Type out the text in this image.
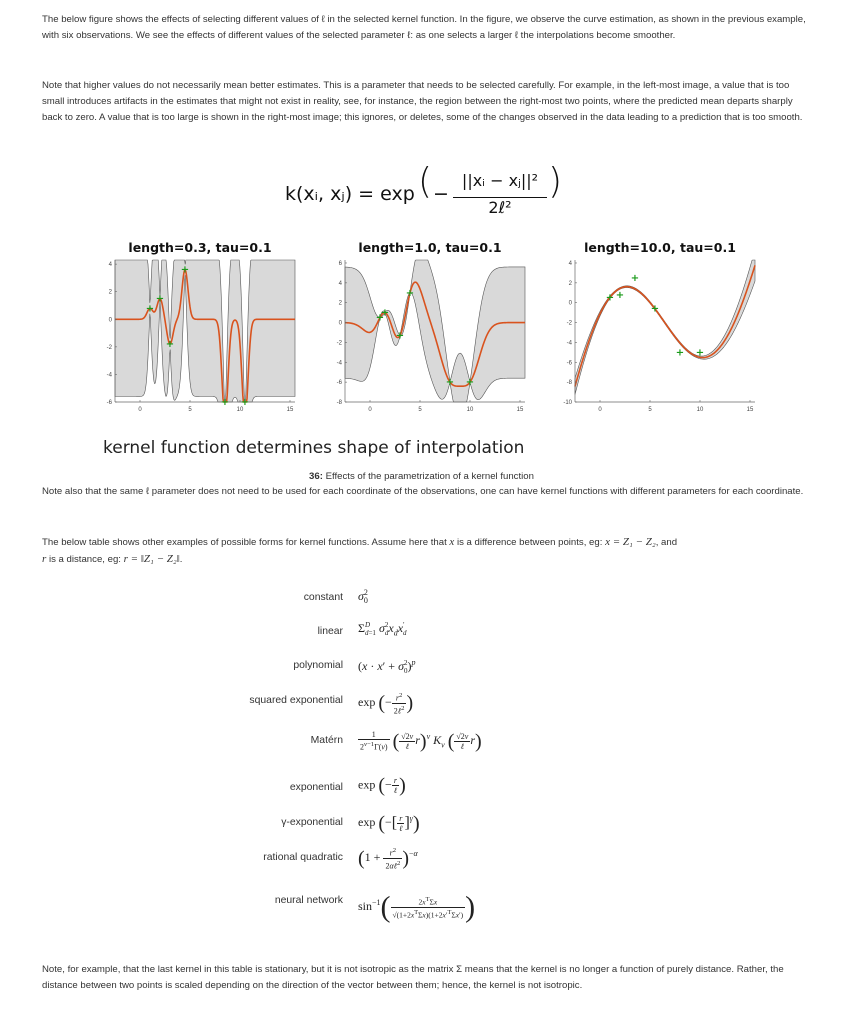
The below figure shows the effects of selecting different values of ℓ in the selected kernel function. In the figure, we observe the curve estimation, as shown in the previous example, with six observations. We see the effects of different values of the selected parameter ℓ: as one selects a larger ℓ the interpolations become smoother.

Note that higher values do not necessarily mean better estimates. This is a parameter that needs to be selected carefully. For example, in the left-most image, a value that is too small introduces artifacts in the estimates that might not exist in reality, see, for instance, the region between the right-most two points, where the predicted mean departs sharply back to zero. A value that is too large is shown in the right-most image; this ignores, or deletes, some of the changes observed in the data leading to a prediction that is too smooth.

k(xᵢ, xⱼ) = exp ( −
||xᵢ − xⱼ||²
2ℓ²
)
0	5	10	15
-6
-4
-2
0
2
4
+
+
+
+
+ +
length=0.3, tau=0.1
0	5	10	15
-8
-6
-4
-2
0
2
4
6
+
+
+
+
+ +
length=1.0, tau=0.1
0	5	10	15
-10
-8
-6
-4
-2
0
2
4
+ +
+
+
+ +
length=10.0, tau=0.1
kernel function determines shape of interpolation
36: Effects of the parametrization of a kernel function

Note also that the same ℓ parameter does not need to be used for each coordinate of the observations, one can have kernel functions with different parameters for each coordinate.

The below table shows other examples of possible forms for kernel functions. Assume here that x is a difference between points, eg: x = Z₁ − Z₂, and
r is a distance, eg: r = ‖Z₁ − Z₂‖.

constant σ 2
0
linear Σ D
d=1 σ 2
d $x_dx$ ′
d
polynomial (x · x′ + σ 2
0 )$^p$
squared exponential exp (− $\frac{r^2}{2\ell^2}$ )
Matérn $\frac{1}{2^{\nu-1}\Gamma(\nu)}$ ( $\frac{√2\nu}{\text{ℓ}} r)^\nu$ $K_\nu$ ( $\frac{√2\nu}{\text{ℓ}} r$)
exponential exp (− $\frac{r}{\text{ℓ}}$ )
γ-exponential exp (−[ $\frac{r}{\text{ℓ}} ]^\gamma$)
rational quadratic $(1 + \frac{r^2}{2\alpha\ell^2} )^{-\alpha}$
neural network $\sin^{-1}( \frac{2x^T\Sigma x}{√(1+2x^T\Sigma x)(1+2x'^T\Sigma x')}$ )

Note, for example, that the last kernel in this table is stationary, but it is not isotropic as the matrix Σ means that the kernel is no longer a function of purely distance. Rather, the distance between two points is scaled depending on the direction of the vector between them; hence, the kernel is not isotropic.
